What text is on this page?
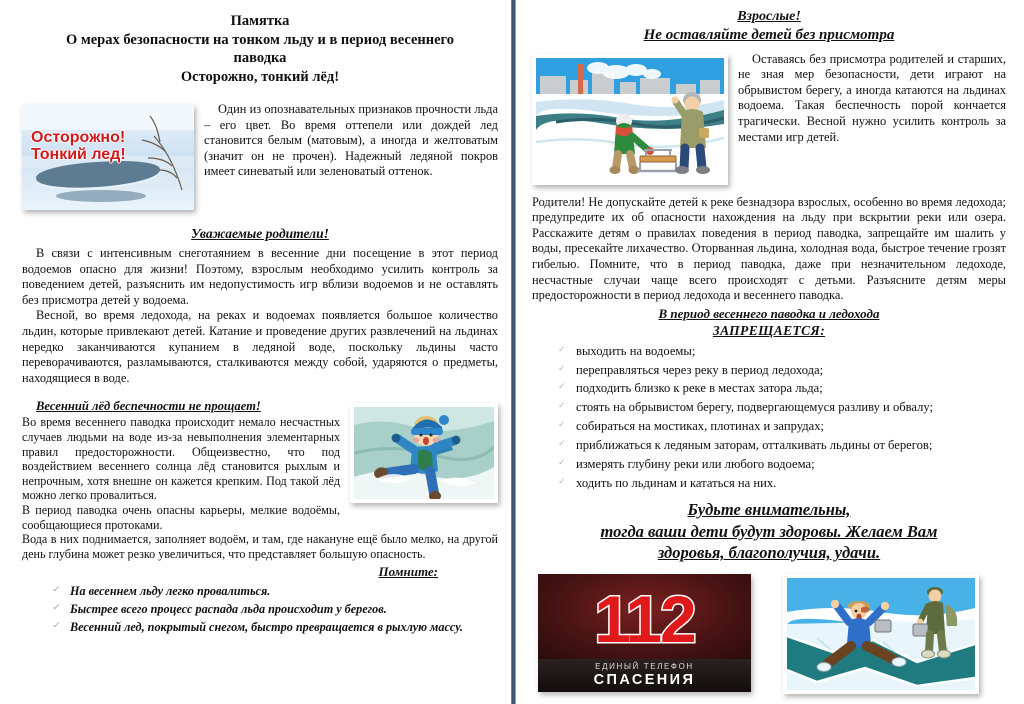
Памятка
О мерах безопасности на тонком льду и в период весеннего паводка
Осторожно, тонкий лёд!
Осторожно!
Тонкий лед!

Один из опознавательных признаков прочности льда – его цвет. Во время оттепели или дождей лед становится белым (матовым), а иногда и желтоватым (значит он не прочен). Надежный ледяной покров имеет синеватый или зеленоватый оттенок.

Уважаемые родители!

В связи с интенсивным снеготаянием в весенние дни посещение в этот период водоемов опасно для жизни! Поэтому, взрослым необходимо усилить контроль за поведением детей, разъяснить им недопустимость игр вблизи водоемов и не оставлять без присмотра детей у водоема.

Весной, во время ледохода, на реках и водоемах появляется большое количество льдин, которые привлекают детей. Катание и проведение других развлечений на льдинах нередко заканчиваются купанием в ледяной воде, поскольку льдины часто переворачиваются, разламываются, сталкиваются между собой, ударяются о предметы, находящиеся в воде.

Весенний лёд беспечности не прощает!

Во время весеннего паводка происходит немало несчастных случаев людьми на воде из-за невыполнения элементарных правил предосторожности. Общеизвестно, что под воздействием весеннего солнца лёд становится рыхлым и непрочным, хотя внешне он кажется крепким. Под такой лёд можно легко провалиться.

В период паводка очень опасны карьеры, мелкие водоёмы, сообщающиеся протоками.

Вода в них поднимается, заполняет водоём, и там, где накануне ещё было мелко, на другой день глубина может резко увеличиться, что представляет большую опасность.

Помните:
✓ На весеннем льду легко провалиться.
✓ Быстрее всего процесс распада льда происходит у берегов.
✓ Весенний лед, покрытый снегом, быстро превращается в рыхлую массу.
Взрослые!
Не оставляйте детей без присмотра

Оставаясь без присмотра родителей и старших, не зная мер безопасности, дети играют на обрывистом берегу, а иногда катаются на льдинах водоема. Такая беспечность порой кончается трагически. Весной нужно усилить контроль за местами игр детей.

Родители! Не допускайте детей к реке безнадзора взрослых, особенно во время ледохода; предупредите их об опасности нахождения на льду при вскрытии реки или озера. Расскажите детям о правилах поведения в период паводка, запрещайте им шалить у воды, пресекайте лихачество. Оторванная льдина, холодная вода, быстрое течение грозят гибелью. Помните, что в период паводка, даже при незначительном ледоходе, несчастные случаи чаще всего происходят с детьми. Разъясните детям меры предосторожности в период ледохода и весеннего паводка.

В период весеннего паводка и ледохода
ЗАПРЕЩАЕТСЯ:
✓ выходить на водоемы;
✓ переправляться через реку в период ледохода;
✓ подходить близко к реке в местах затора льда;
✓ стоять на обрывистом берегу, подвергающемуся разливу и обвалу;
✓ собираться на мостиках, плотинах и запрудах;
✓ приближаться к ледяным заторам, отталкивать льдины от берегов;
✓ измерять глубину реки или любого водоема;
✓ ходить по льдинам и кататься на них.
Будьте внимательны,
тогда ваши дети будут здоровы. Желаем Вам
здоровья, благополучия, удачи.
112
ЕДИНЫЙ ТЕЛЕФОН
СПАСЕНИЯ
